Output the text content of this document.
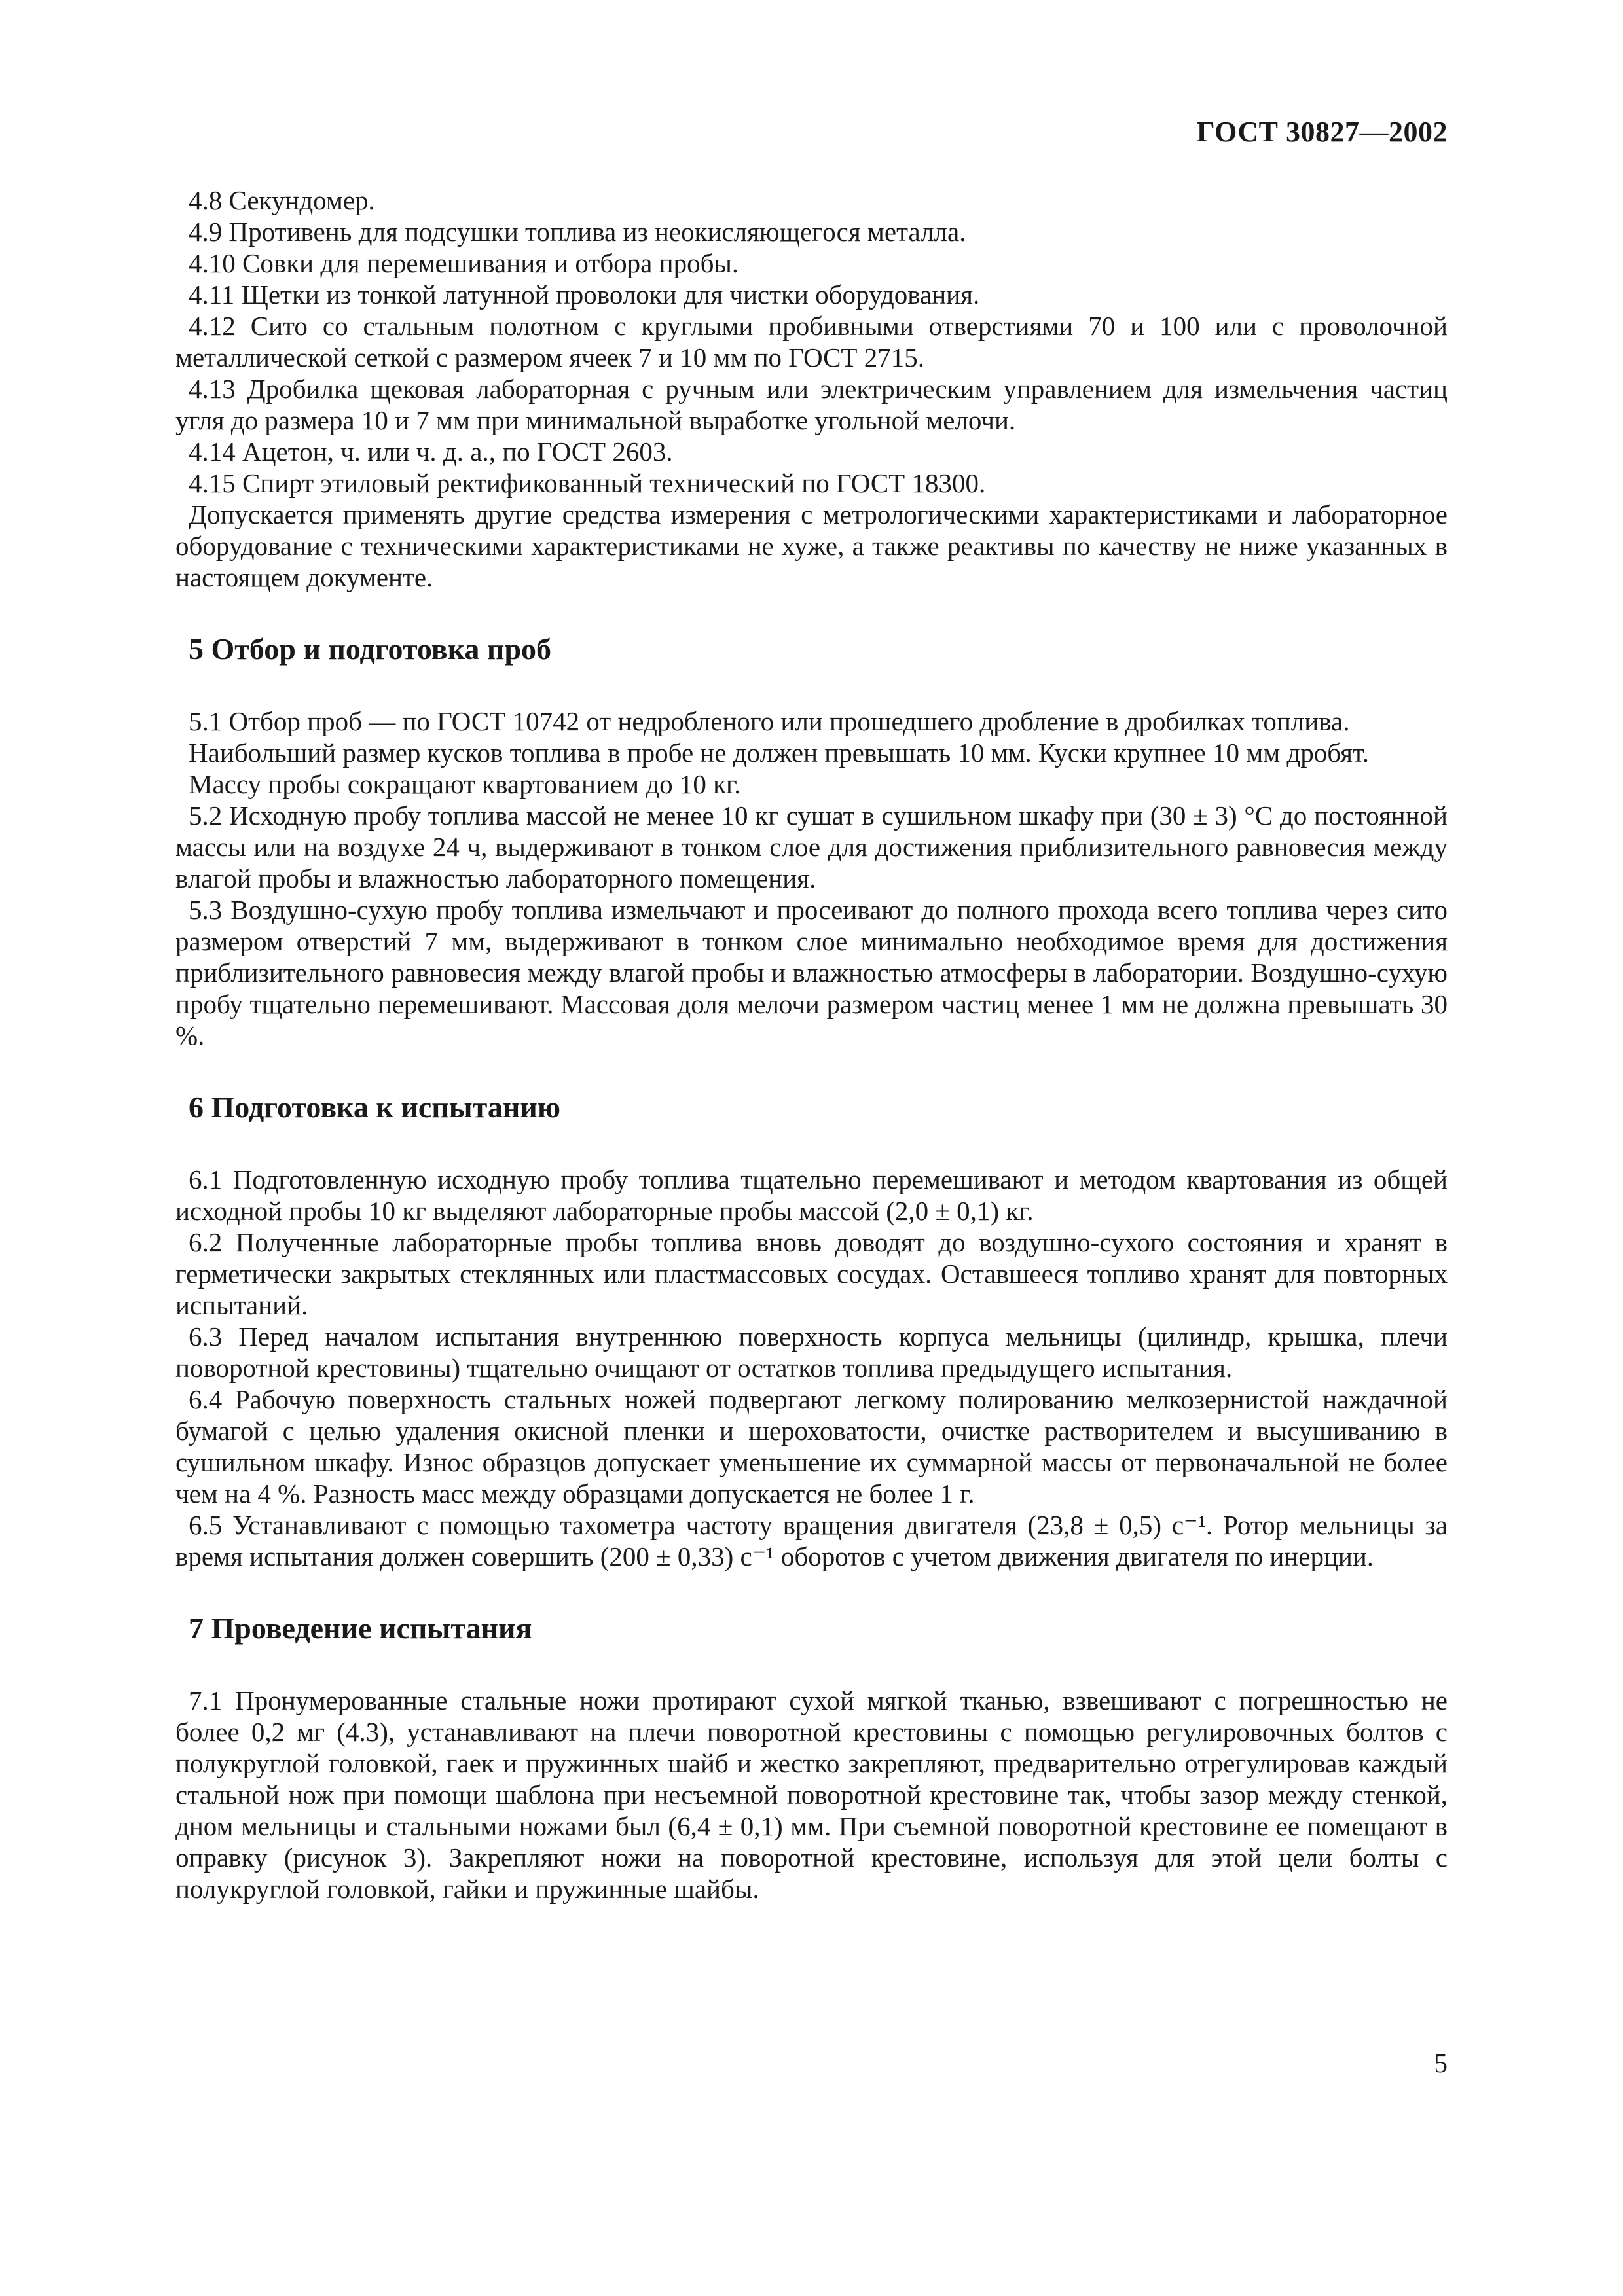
ГОСТ 30827—2002

4.8 Секундомер.

4.9 Противень для подсушки топлива из неокисляющегося металла.

4.10 Совки для перемешивания и отбора пробы.

4.11 Щетки из тонкой латунной проволоки для чистки оборудования.

4.12 Сито со стальным полотном с круглыми пробивными отверстиями 70 и 100 или с проволочной металлической сеткой с размером ячеек 7 и 10 мм по ГОСТ 2715.

4.13 Дробилка щековая лабораторная с ручным или электрическим управлением для измельчения частиц угля до размера 10 и 7 мм при минимальной выработке угольной мелочи.

4.14 Ацетон, ч. или ч. д. а., по ГОСТ 2603.

4.15 Спирт этиловый ректификованный технический по ГОСТ 18300.

Допускается применять другие средства измерения с метрологическими характеристиками и лабораторное оборудование с техническими характеристиками не хуже, а также реактивы по качеству не ниже указанных в настоящем документе.

5 Отбор и подготовка проб

5.1 Отбор проб — по ГОСТ 10742 от недробленого или прошедшего дробление в дробилках топлива.

Наибольший размер кусков топлива в пробе не должен превышать 10 мм. Куски крупнее 10 мм дробят.

Массу пробы сокращают квартованием до 10 кг.

5.2 Исходную пробу топлива массой не менее 10 кг сушат в сушильном шкафу при (30 ± 3) °С до постоянной массы или на воздухе 24 ч, выдерживают в тонком слое для достижения приблизительного равновесия между влагой пробы и влажностью лабораторного помещения.

5.3 Воздушно-сухую пробу топлива измельчают и просеивают до полного прохода всего топлива через сито размером отверстий 7 мм, выдерживают в тонком слое минимально необходимое время для достижения приблизительного равновесия между влагой пробы и влажностью атмосферы в лаборатории. Воздушно-сухую пробу тщательно перемешивают. Массовая доля мелочи размером частиц менее 1 мм не должна превышать 30 %.

6 Подготовка к испытанию

6.1 Подготовленную исходную пробу топлива тщательно перемешивают и методом квартования из общей исходной пробы 10 кг выделяют лабораторные пробы массой (2,0 ± 0,1) кг.

6.2 Полученные лабораторные пробы топлива вновь доводят до воздушно-сухого состояния и хранят в герметически закрытых стеклянных или пластмассовых сосудах. Оставшееся топливо хранят для повторных испытаний.

6.3 Перед началом испытания внутреннюю поверхность корпуса мельницы (цилиндр, крышка, плечи поворотной крестовины) тщательно очищают от остатков топлива предыдущего испытания.

6.4 Рабочую поверхность стальных ножей подвергают легкому полированию мелкозернистой наждачной бумагой с целью удаления окисной пленки и шероховатости, очистке растворителем и высушиванию в сушильном шкафу. Износ образцов допускает уменьшение их суммарной массы от первоначальной не более чем на 4 %. Разность масс между образцами допускается не более 1 г.

6.5 Устанавливают с помощью тахометра частоту вращения двигателя (23,8 ± 0,5) с⁻¹. Ротор мельницы за время испытания должен совершить (200 ± 0,33) с⁻¹ оборотов с учетом движения двигателя по инерции.

7 Проведение испытания

7.1 Пронумерованные стальные ножи протирают сухой мягкой тканью, взвешивают с погрешностью не более 0,2 мг (4.3), устанавливают на плечи поворотной крестовины с помощью регулировочных болтов с полукруглой головкой, гаек и пружинных шайб и жестко закрепляют, предварительно отрегулировав каждый стальной нож при помощи шаблона при несъемной поворотной крестовине так, чтобы зазор между стенкой, дном мельницы и стальными ножами был (6,4 ± 0,1) мм. При съемной поворотной крестовине ее помещают в оправку (рисунок 3). Закрепляют ножи на поворотной крестовине, используя для этой цели болты с полукруглой головкой, гайки и пружинные шайбы.

5
